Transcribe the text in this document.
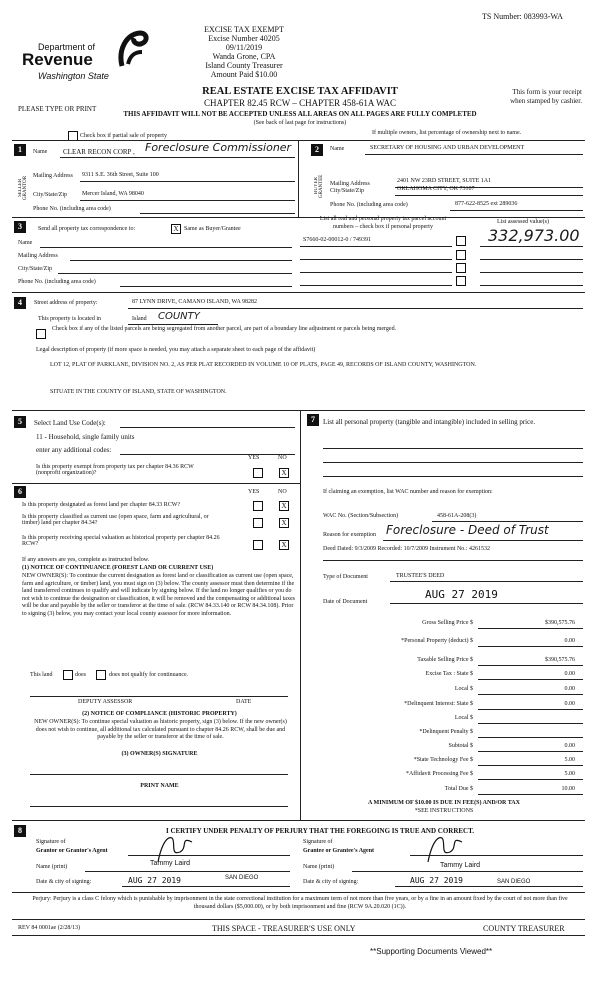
TS Number: 083993-WA
Department of
Revenue
Washington State
EXCISE TAX EXEMPT
Excise Number 40205
09/11/2019
Wanda Grone, CPA
Island County Treasurer
Amount Paid $10.00
REAL ESTATE EXCISE TAX AFFIDAVIT
CHAPTER 82.45 RCW – CHAPTER 458-61A WAC
This form is your receipt
when stamped by cashier.
PLEASE TYPE OR PRINT
THIS AFFIDAVIT WILL NOT BE ACCEPTED UNLESS ALL AREAS ON ALL PAGES ARE FULLY COMPLETED
(See back of last page for instructions)
Check box if partial sale of property	If multiple owners, list percentage of ownership next to name.
1	Name CLEAR RECON CORP , Foreclosure Commissioner
SELLER GRANTOR Mailing Address 9311 S.E. 36th Street, Suite 100
City/State/Zip	Mercer Island, WA 98040
Phone No. (including area code)
2	Name	SECRETARY OF HOUSING AND URBAN DEVELOPMENT
BUYER GRANTEE Mailing Address	2401 NW 23RD STREET, SUITE 1A1
City/State/Zip	OKLAHOMA CITY, OK 73107
Phone No. (including area code)	877-622-8525 ext 289036
3	Send all property tax correspondence to:	X Same as Buyer/Grantee
List all real and personal property tax parcel account
numbers – check box if personal property
List assessed value(s)
S7660-02-00012-0 / 749391	332,973.00
Name
Mailing Address
City/State/Zip
Phone No. (including area code)
4	Street address of property:	87 LYNN DRIVE, CAMANO ISLAND, WA 98282
This property is located in	Island COUNTY
Check box if any of the listed parcels are being segregated from another parcel, are part of a boundary line adjustment or parcels being merged.
Legal description of property (if more space is needed, you may attach a separate sheet to each page of the affidavit)
LOT 12, PLAT OF PARKLANE, DIVISION NO. 2, AS PER PLAT RECORDED IN VOLUME 10 OF PLATS, PAGE 49, RECORDS OF ISLAND COUNTY, WASHINGTON.
SITUATE IN THE COUNTY OF ISLAND, STATE OF WASHINGTON.
5	Select Land Use Code(s):
11 - Household, single family units
enter any additional codes:
YES	NO
Is this property exempt from property tax per chapter 84.36 RCW (nonprofit organization)?	X
6	YES	NO
Is this property designated as forest land per chapter 84.33 RCW?	X
Is this property classified as current use (open space, farm and agricultural, or timber) land per chapter 84.34?	X
Is this property receiving special valuation as historical property per chapter 84.26 RCW?	X
If any answers are yes, complete as instructed below.
(1) NOTICE OF CONTINUANCE (FOREST LAND OR CURRENT USE)
NEW OWNER(S): To continue the current designation as forest land or classification as current use (open space, farm and agriculture, or timber) land, you must sign on (3) below. The county assessor must then determine if the land transferred continues to qualify and will indicate by signing below. If the land no longer qualifies or you do not wish to continue the designation or classification, it will be removed and the compensating or additional taxes will be due and payable by the seller or transferor at the time of sale. (RCW 84.33.140 or RCW 84.34.108). Prior to signing (3) below, you may contact your local county assessor for more information.
This land	does	does not qualify for continuance.
DEPUTY ASSESSOR	DATE
(2) NOTICE OF COMPLIANCE (HISTORIC PROPERTY)
NEW OWNER(S): To continue special valuation as historic property, sign (3) below. If the new owner(s) does not wish to continue, all additional tax calculated pursuant to chapter 84.26 RCW, shall be due and payable by the seller or transferor at the time of sale.
(3) OWNER(S) SIGNATURE
PRINT NAME
7	List all personal property (tangible and intangible) included in selling price.
If claiming an exemption, list WAC number and reason for exemption:
WAC No. (Section/Subsection)	458-61A-208(3)
Reason for exemption Foreclosure - Deed of Trust
Deed Dated: 9/3/2009 Recorded: 10/7/2009 Instrument No.: 4261532
Type of Document	TRUSTEE'S DEED
Date of Document
AUG 27 2019
Gross Selling Price $	$390,575.76
*Personal Property (deduct) $	0.00
Taxable Selling Price $	$390,575.76
Excise Tax : State $	0.00
Local $	0.00
*Delinquent Interest: State $	0.00
Local $
*Delinquent Penalty $
Subtotal $	0.00
*State Technology Fee $	5.00
*Affidavit Processing Fee $	5.00
Total Due $	10.00
A MINIMUM OF $10.00 IS DUE IN FEE(S) AND/OR TAX
*SEE INSTRUCTIONS
8	I CERTIFY UNDER PENALTY OF PERJURY THAT THE FOREGOING IS TRUE AND CORRECT.
Signature of
Grantor or Grantor's Agent
Signature of
Grantee or Grantee's Agent
Name (print)	Tammy Laird	Name (print)	Tammy Laird
Date & city of signing:	AUG 27 2019	SAN DIEGO
Date & city of signing:	AUG 27 2019	SAN DIEGO
Perjury: Perjury is a class C felony which is punishable by imprisonment in the state correctional institution for a maximum term of not more than five years, or by a fine in an amount fixed by the court of not more than five thousand dollars ($5,000.00), or by both imprisonment and fine (RCW 9A.20.020 (1C)).
REV 84 0001ae (2/28/13)	THIS SPACE - TREASURER'S USE ONLY	COUNTY TREASURER
**Supporting Documents Viewed**
